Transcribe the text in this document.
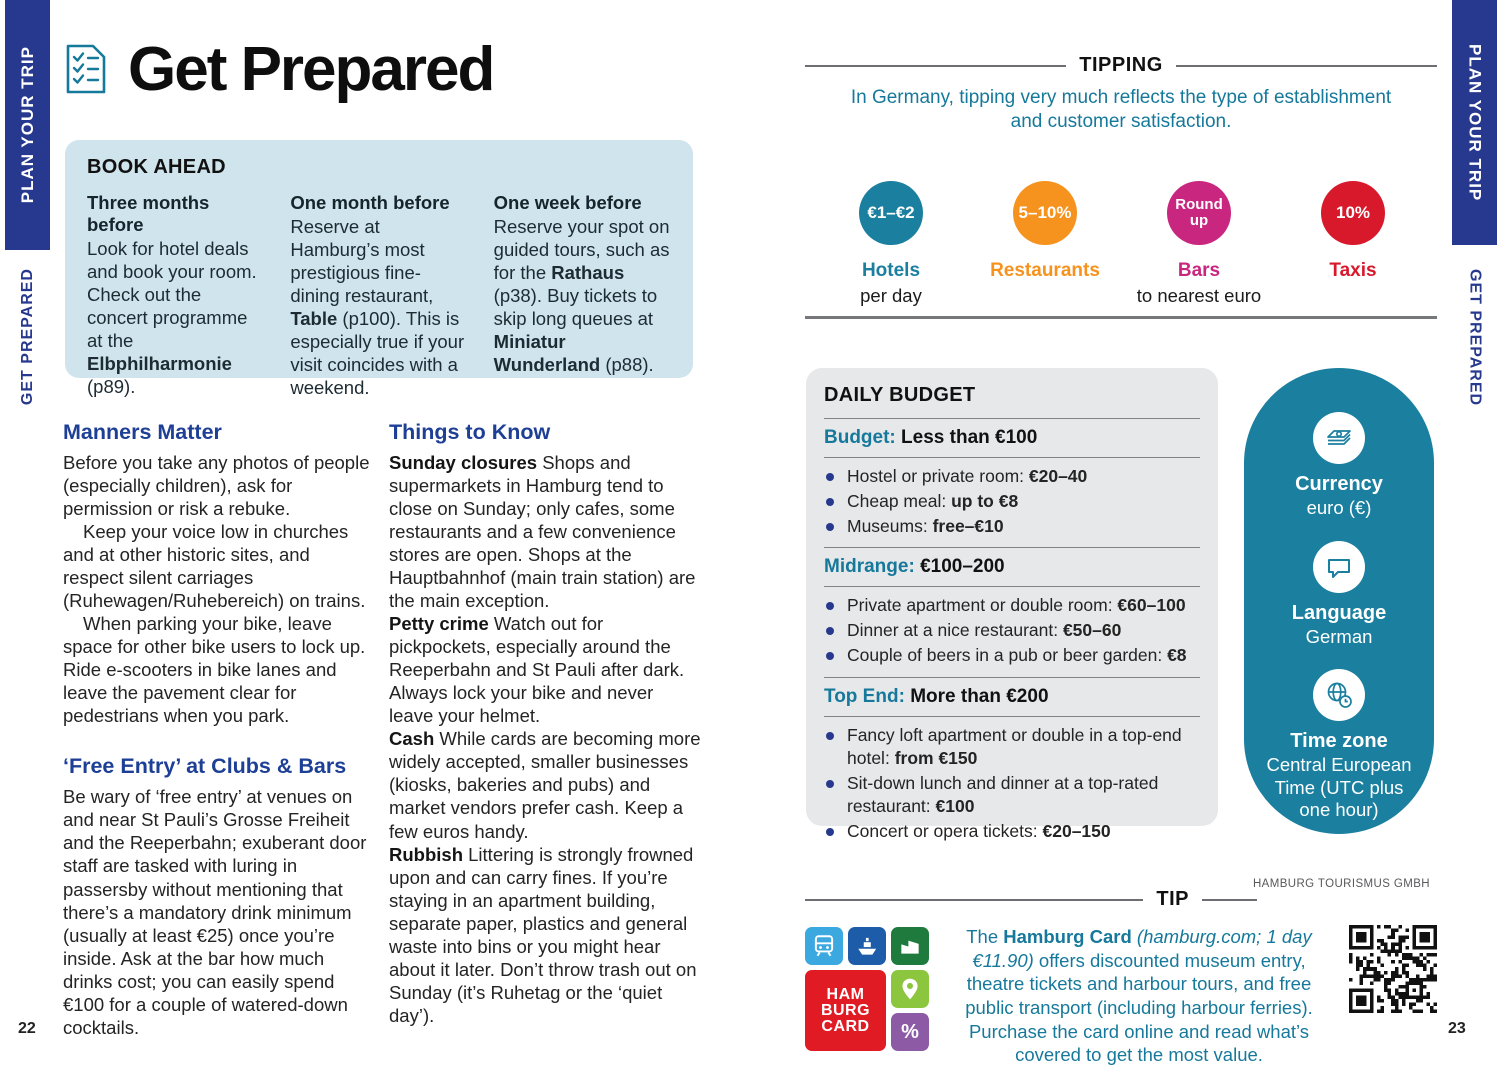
PLAN YOUR TRIP
GET PREPARED
PLAN YOUR TRIP
GET PREPARED
Get Prepared
BOOK AHEAD
Three months before
Look for hotel deals and book your room. Check out the concert programme at the Elbphilharmonie (p89).
One month before
Reserve at Hamburg’s most prestigious fine-dining restaurant, Table (p100). This is especially true if your visit coincides with a weekend.
One week before
Reserve your spot on guided tours, such as for the Rathaus (p38). Buy tickets to skip long queues at Miniatur Wunderland (p88).
Manners Matter

Before you take any photos of people (especially children), ask for permission or risk a rebuke.

Keep your voice low in churches and at other historic sites, and respect silent carriages (Ruhewagen/Ruhebereich) on trains.

When parking your bike, leave space for other bike users to lock up. Ride e-scooters in bike lanes and leave the pavement clear for pedestrians when you park.

‘Free Entry’ at Clubs & Bars

Be wary of ‘free entry’ at venues on and near St Pauli’s Grosse Freiheit and the Reeperbahn; exuberant door staff are tasked with luring in passersby without mentioning that there’s a mandatory drink minimum (usually at least €25) once you’re inside. Ask at the bar how much drinks cost; you can easily spend €100 for a couple of watered-down cocktails.

Things to Know

Sunday closures Shops and supermarkets in Hamburg tend to close on Sunday; only cafes, some restaurants and a few convenience stores are open. Shops at the Hauptbahnhof (main train station) are the main exception.

Petty crime Watch out for pickpockets, especially around the Reeperbahn and St Pauli after dark. Always lock your bike and never leave your helmet.

Cash While cards are becoming more widely accepted, smaller businesses (kiosks, bakeries and pubs) and market vendors prefer cash. Keep a few euros handy.

Rubbish Littering is strongly frowned upon and can carry fines. If you’re staying in an apartment building, separate paper, plastics and general waste into bins or you might hear about it later. Don’t throw trash out on Sunday (it’s Ruhetag or the ‘quiet day’).

22
TIPPING
In Germany, tipping very much reflects the type of establishment and customer satisfaction.
€1–€2
Hotels
per day
5–10%
Restaurants
Round
up
Bars
to nearest euro
10%
Taxis
DAILY BUDGET
Budget: Less than €100
Hostel or private room: €20–40
Cheap meal: up to €8
Museums: free–€10
Midrange: €100–200
Private apartment or double room: €60–100
Dinner at a nice restaurant: €50–60
Couple of beers in a pub or beer garden: €8
Top End: More than €200
Fancy loft apartment or double in a top-end hotel: from €150
Sit-down lunch and dinner at a top-rated restaurant: €100
Concert or opera tickets: €20–150
Currency
euro (€)
Language
German
Time zone
Central European Time (UTC plus one hour)
HAMBURG TOURISMUS GMBH
TIP
HAM
BURG
CARD %
The Hamburg Card (hamburg.com; 1 day €11.90) offers discounted museum entry, theatre tickets and harbour tours, and free public transport (including harbour ferries). Purchase the card online and read what’s covered to get the most value.
23
